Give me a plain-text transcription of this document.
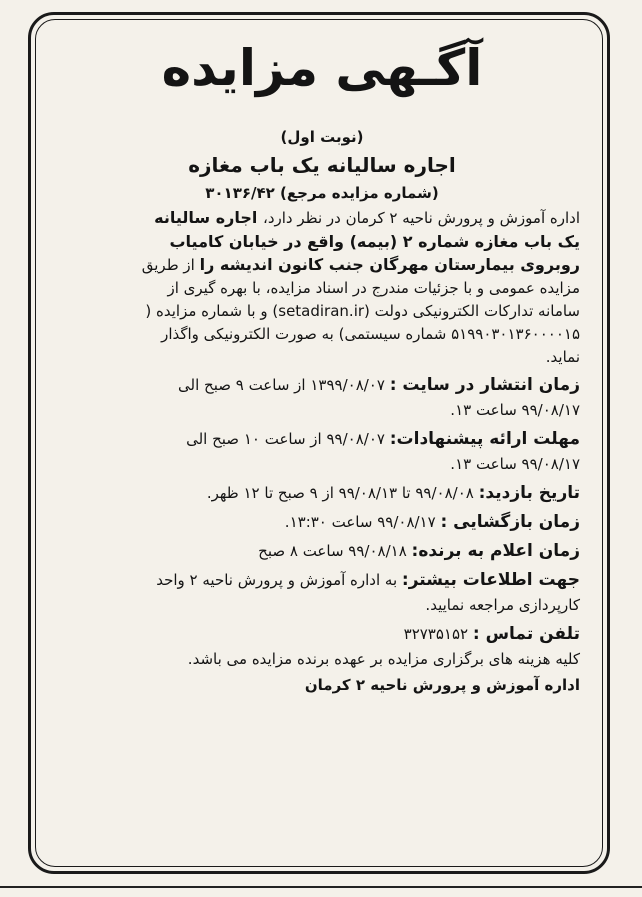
آگـهی مزایده
(نوبت اول)
اجاره سالیانه یک باب مغازه
(شماره مزایده مرجع) ۳۰۱۳۶/۴۲
اداره آموزش و پرورش ناحیه ۲ کرمان در نظر دارد، اجاره سالیانه
یک باب مغازه شماره ۲ (بیمه) واقع در خیابان کامیاب
روبروی بیمارستان مهرگان جنب کانون اندیشه را از طریق
مزایده عمومی و با جزئیات مندرج در اسناد مزایده، با بهره گیری از
سامانه تدارکات الکترونیکی دولت (setadiran.ir) و با شماره مزایده (
۵۱۹۹۰۳۰۱۳۶۰۰۰۰۱۵ شماره سیستمی) به صورت الکترونیکی واگذار
نماید.
زمان انتشار در سایت : ۱۳۹۹/۰۸/۰۷ از ساعت ۹ صبح الی
۹۹/۰۸/۱۷ ساعت ۱۳.
مهلت ارائه پیشنهادات: ۹۹/۰۸/۰۷ از ساعت ۱۰ صبح الی
۹۹/۰۸/۱۷ ساعت ۱۳.
تاریخ بازدید: ۹۹/۰۸/۰۸ تا ۹۹/۰۸/۱۳ از ۹ صبح تا ۱۲ ظهر.
زمان بازگشایی : ۹۹/۰۸/۱۷ ساعت ۱۳:۳۰.
زمان اعلام به برنده: ۹۹/۰۸/۱۸ ساعت ۸ صبح
جهت اطلاعات بیشتر: به اداره آموزش و پرورش ناحیه ۲ واحد
کارپردازی مراجعه نمایید.
تلفن تماس : ۳۲۷۳۵۱۵۲
کلیه هزینه های برگزاری مزایده بر عهده برنده مزایده می باشد.
اداره آموزش و پرورش ناحیه ۲ کرمان
